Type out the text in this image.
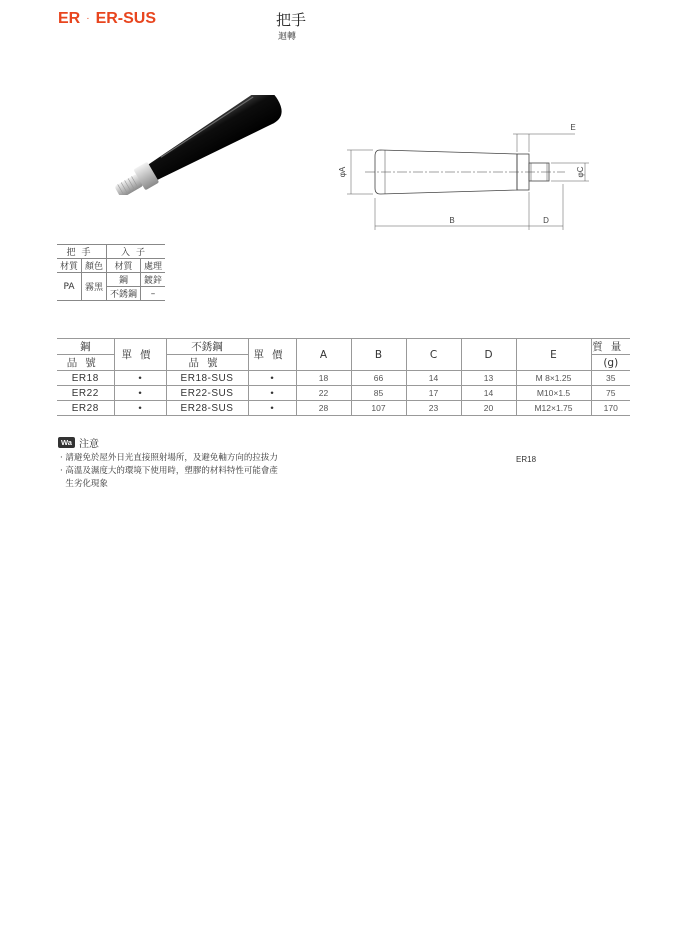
ER · ER-SUS	把手
迴轉
B	D
E
φA	φC
把手		入子	
材質	顏色	材質	處理
PA	霧黑	鋼	鍍鋅
		不銹鋼	–
鋼	單價	不銹鋼	單價	A	B	C	D	E	質量
品號		品號							(g)
ER18	•	ER18-SUS	•	18	66	14	13	M 8×1.25	35
ER22	•	ER22-SUS	•	22	85	17	14	M10×1.5	75
ER28	•	ER28-SUS	•	28	107	23	20	M12×1.75	170
Wa 注意
· 請避免於屋外日光直接照射場所，及避免軸方向的拉拔力
· 高溫及濕度大的環境下使用時，塑膠的材料特性可能會產
生劣化現象
ER18
